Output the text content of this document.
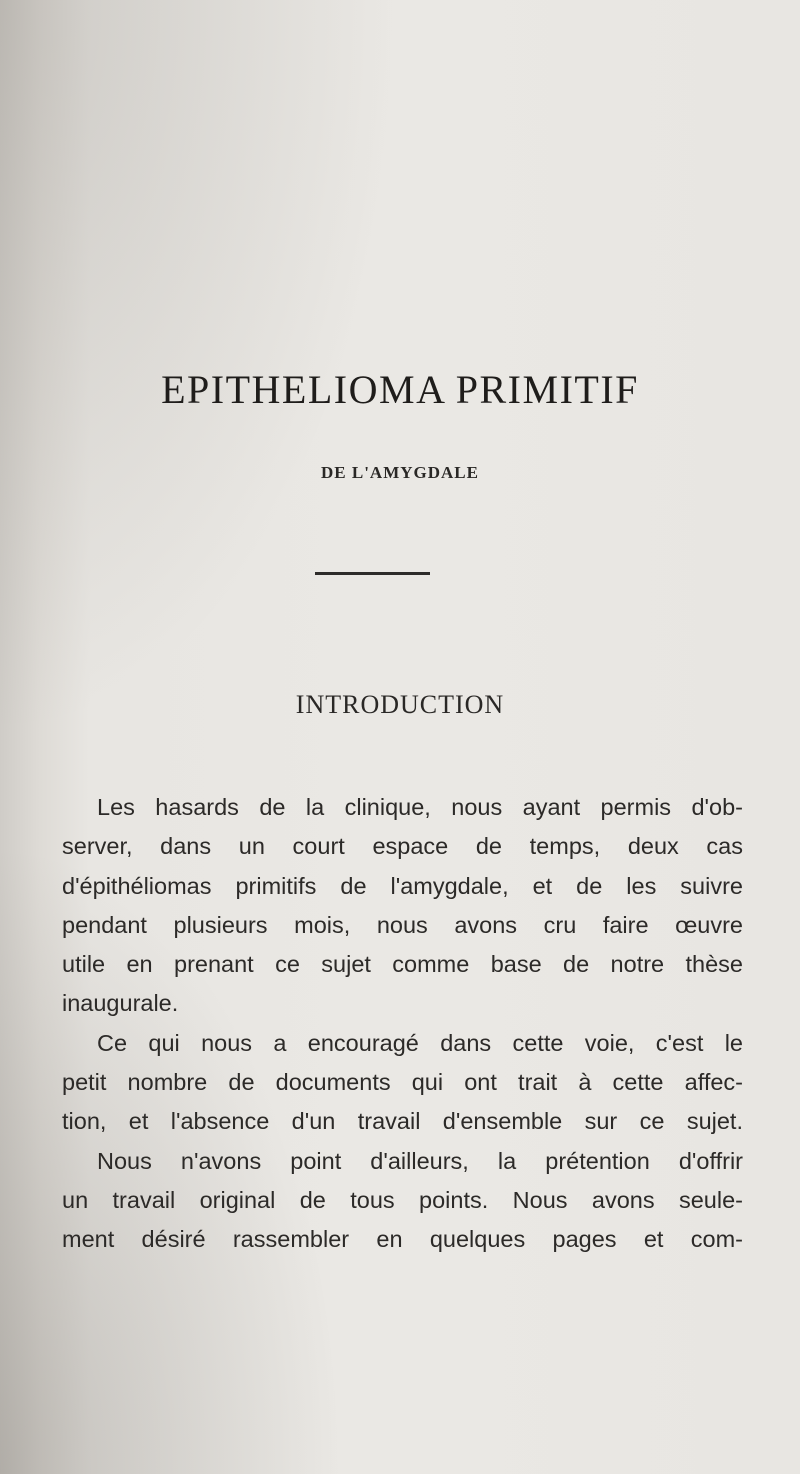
EPITHELIOMA PRIMITIF
DE L'AMYGDALE
INTRODUCTION
Les hasards de la clinique, nous ayant permis d'ob-
server, dans un court espace de temps, deux cas
d'épithéliomas primitifs de l'amygdale, et de les suivre
pendant plusieurs mois, nous avons cru faire œuvre
utile en prenant ce sujet comme base de notre thèse
inaugurale.
Ce qui nous a encouragé dans cette voie, c'est le
petit nombre de documents qui ont trait à cette affec-
tion, et l'absence d'un travail d'ensemble sur ce sujet.
Nous n'avons point d'ailleurs, la prétention d'offrir
un travail original de tous points. Nous avons seule-
ment désiré rassembler en quelques pages et com-
